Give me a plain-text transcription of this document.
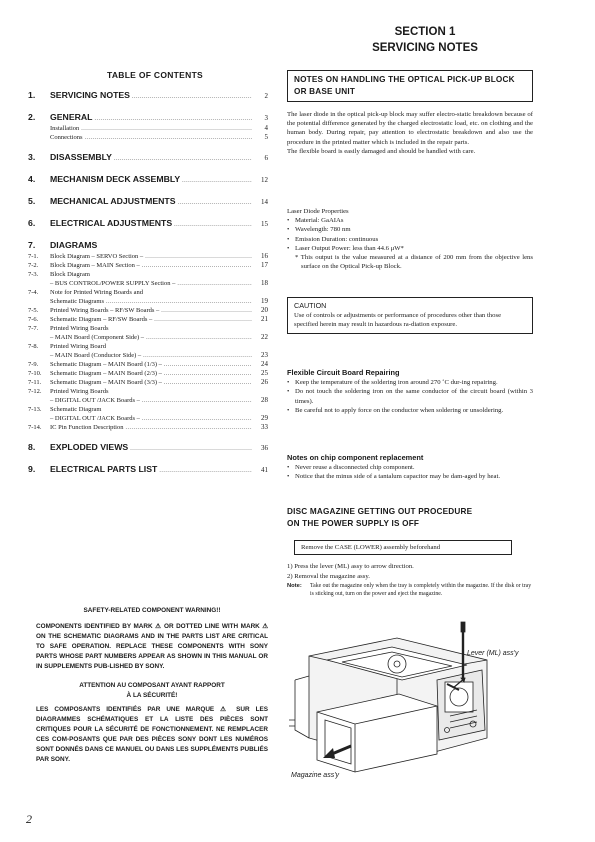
SECTION 1
SERVICING NOTES
TABLE OF CONTENTS
1.	SERVICING NOTES .....	2
2.	GENERAL .....	3
Installation .....	4
Connections .....	5
3.	DISASSEMBLY .....	6
4.	MECHANISM DECK ASSEMBLY .....	12
5.	MECHANICAL ADJUSTMENTS .....	14
6.	ELECTRICAL ADJUSTMENTS .....	15
7.	DIAGRAMS
7-1.	Block Diagram – SERVO Section – .....	16
7-2.	Block Diagram – MAIN Section – .....	17
7-3.	Block Diagram
– BUS CONTROL/POWER SUPPLY Section – .....	18
7-4.	Note for Printed Wiring Boards and
Schematic Diagrams .....	19
7-5.	Printed Wiring Boards – RF/SW Boards – .....	20
7-6.	Schematic Diagram – RF/SW Boards – .....	21
7-7.	Printed Wiring Boards
– MAIN Board (Component Side) – .....	22
7-8.	Printed Wiring Board
– MAIN Board (Conductor Side) – .....	23
7-9.	Schematic Diagram – MAIN Board (1/3) – .....	24
7-10.	Schematic Diagram – MAIN Board (2/3) – .....	25
7-11.	Schematic Diagram – MAIN Board (3/3) – .....	26
7-12.	Printed Wiring Boards
– DIGITAL OUT /JACK Boards – .....	28
7-13.	Schematic Diagram
– DIGITAL OUT /JACK Boards – .....	29
7-14.	IC Pin Function Description .....	33
8.	EXPLODED VIEWS .....	36
9.	ELECTRICAL PARTS LIST .....	41
SAFETY-RELATED COMPONENT WARNING!!
COMPONENTS IDENTIFIED BY MARK ⚠ OR DOTTED LINE WITH MARK ⚠ ON THE SCHEMATIC DIAGRAMS AND IN THE PARTS LIST ARE CRITICAL TO SAFE OPERATION. REPLACE THESE COMPONENTS WITH SONY PARTS WHOSE PART NUMBERS APPEAR AS SHOWN IN THIS MANUAL OR IN SUPPLEMENTS PUB-LISHED BY SONY.
ATTENTION AU COMPOSANT AYANT RAPPORT
À LA SÉCURITÉ!
LES COMPOSANTS IDENTIFIÉS PAR UNE MARQUE ⚠ SUR LES DIAGRAMMES SCHÉMATIQUES ET LA LISTE DES PIÈCES SONT CRITIQUES POUR LA SÉCURITÉ DE FONCTIONNEMENT. NE REMPLACER CES COM-POSANTS QUE PAR DES PIÈCES SONY DONT LES NUMÉROS SONT DONNÉS DANS CE MANUEL OU DANS LES SUPPLÉMENTS PUBLIÉS PAR SONY.
2
NOTES ON HANDLING THE OPTICAL PICK-UP BLOCK OR BASE UNIT

The laser diode in the optical pick-up block may suffer electro-static breakdown because of the potential difference generated by the charged electrostatic load, etc. on clothing and the human body. During repair, pay attention to electrostatic breakdown and also use the procedure in the printed matter which is included in the repair parts.

The flexible board is easily damaged and should be handled with care.

Laser Diode Properties

• Material: GaAIAs
• Wavelength: 780 nm
• Emission Duration: continuous
• Laser Output Power: less than 44.6 μW*

* This output is the value measured at a distance of 200 mm from the objective lens surface on the Optical Pick-up Block.

CAUTION
Use of controls or adjustments or performance of procedures other than those specified herein may result in hazardous ra-diation exposure.
Flexible Circuit Board Repairing
• Keep the temperature of the soldering iron around 270 ˚C dur-ing repairing.
• Do not touch the soldering iron on the same conductor of the circuit board (within 3 times).
• Be careful not to apply force on the conductor when soldering or unsoldering.
Notes on chip component replacement
• Never reuse a disconnected chip component.
• Notice that the minus side of a tantalum capacitor may be dam-aged by heat.
DISC MAGAZINE GETTING OUT PROCEDURE
ON THE POWER SUPPLY IS OFF
Remove the CASE (LOWER) assembly beforehand
1) Press the lever (ML) assy to arrow direction.
2) Removal the magazine assy.
Note:	Take out the magazine only when the tray is completely within the magazine. If the disk or tray is sticking out, turn on the power and eject the magazine.
Lever (ML) ass'y
Magazine ass'y
